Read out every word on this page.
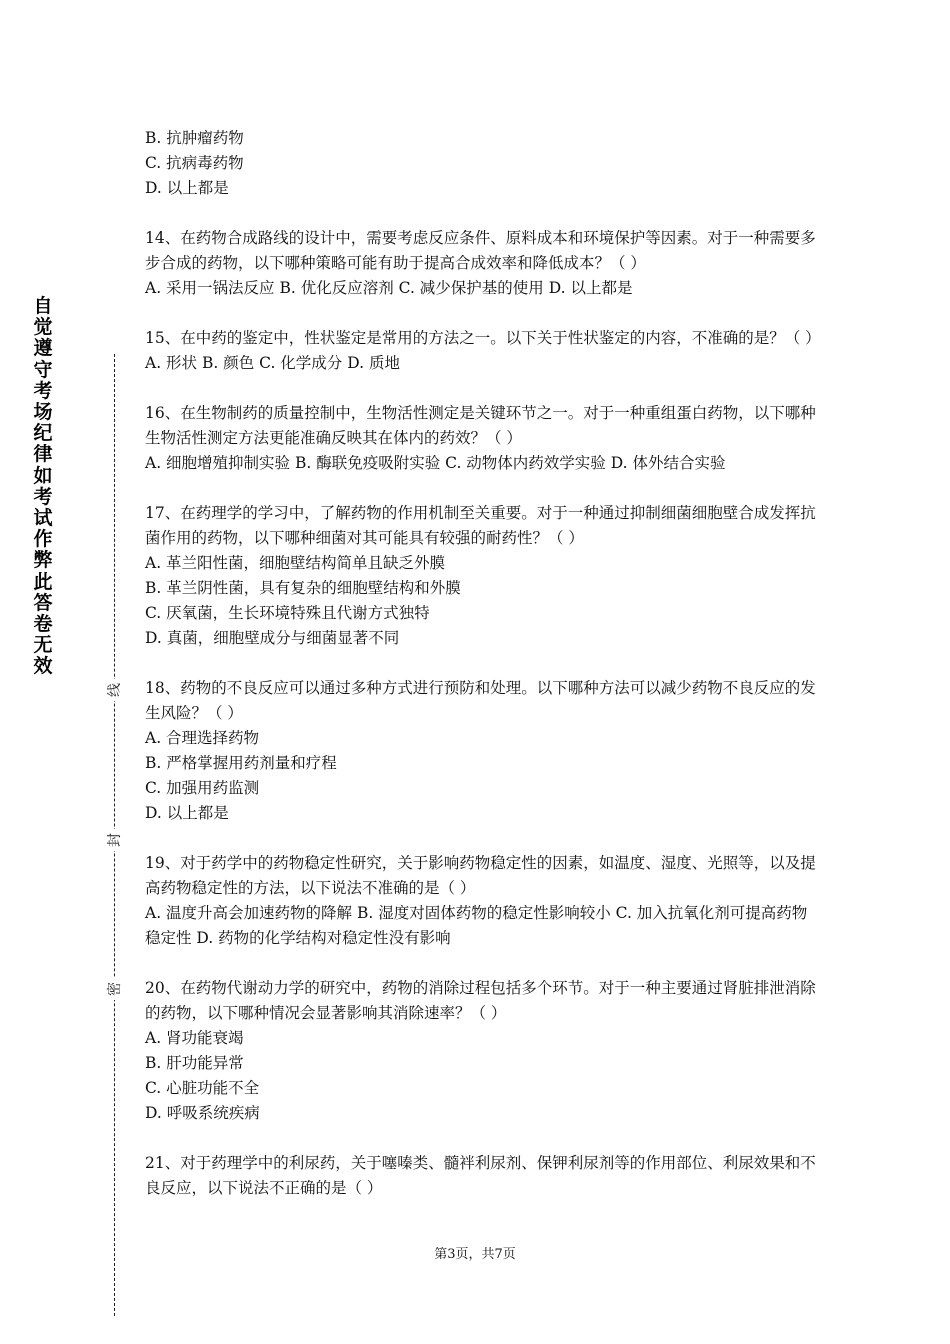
自觉遵守考场纪律如考试作弊此答卷无效
线
封
密

B. 抗肿瘤药物

C. 抗病毒药物

D. 以上都是

14、在药物合成路线的设计中，需要考虑反应条件、原料成本和环境保护等因素。对于一种需要多步合成的药物，以下哪种策略可能有助于提高合成效率和降低成本？（ ）

A. 采用一锅法反应 B. 优化反应溶剂 C. 减少保护基的使用 D. 以上都是

15、在中药的鉴定中，性状鉴定是常用的方法之一。以下关于性状鉴定的内容，不准确的是？（ ）

A. 形状 B. 颜色 C. 化学成分 D. 质地

16、在生物制药的质量控制中，生物活性测定是关键环节之一。对于一种重组蛋白药物，以下哪种生物活性测定方法更能准确反映其在体内的药效？（ ）

A. 细胞增殖抑制实验 B. 酶联免疫吸附实验 C. 动物体内药效学实验 D. 体外结合实验

17、在药理学的学习中，了解药物的作用机制至关重要。对于一种通过抑制细菌细胞壁合成发挥抗菌作用的药物，以下哪种细菌对其可能具有较强的耐药性？（ ）

A. 革兰阳性菌，细胞壁结构简单且缺乏外膜

B. 革兰阴性菌，具有复杂的细胞壁结构和外膜

C. 厌氧菌，生长环境特殊且代谢方式独特

D. 真菌，细胞壁成分与细菌显著不同

18、药物的不良反应可以通过多种方式进行预防和处理。以下哪种方法可以减少药物不良反应的发生风险？（ ）

A. 合理选择药物

B. 严格掌握用药剂量和疗程

C. 加强用药监测

D. 以上都是

19、对于药学中的药物稳定性研究，关于影响药物稳定性的因素，如温度、湿度、光照等，以及提高药物稳定性的方法，以下说法不准确的是（ ）

A. 温度升高会加速药物的降解 B. 湿度对固体药物的稳定性影响较小 C. 加入抗氧化剂可提高药物稳定性 D. 药物的化学结构对稳定性没有影响

20、在药物代谢动力学的研究中，药物的消除过程包括多个环节。对于一种主要通过肾脏排泄消除的药物，以下哪种情况会显著影响其消除速率？（ ）

A. 肾功能衰竭

B. 肝功能异常

C. 心脏功能不全

D. 呼吸系统疾病

21、对于药理学中的利尿药，关于噻嗪类、髓袢利尿剂、保钾利尿剂等的作用部位、利尿效果和不良反应，以下说法不正确的是（ ）

第3页，共7页
